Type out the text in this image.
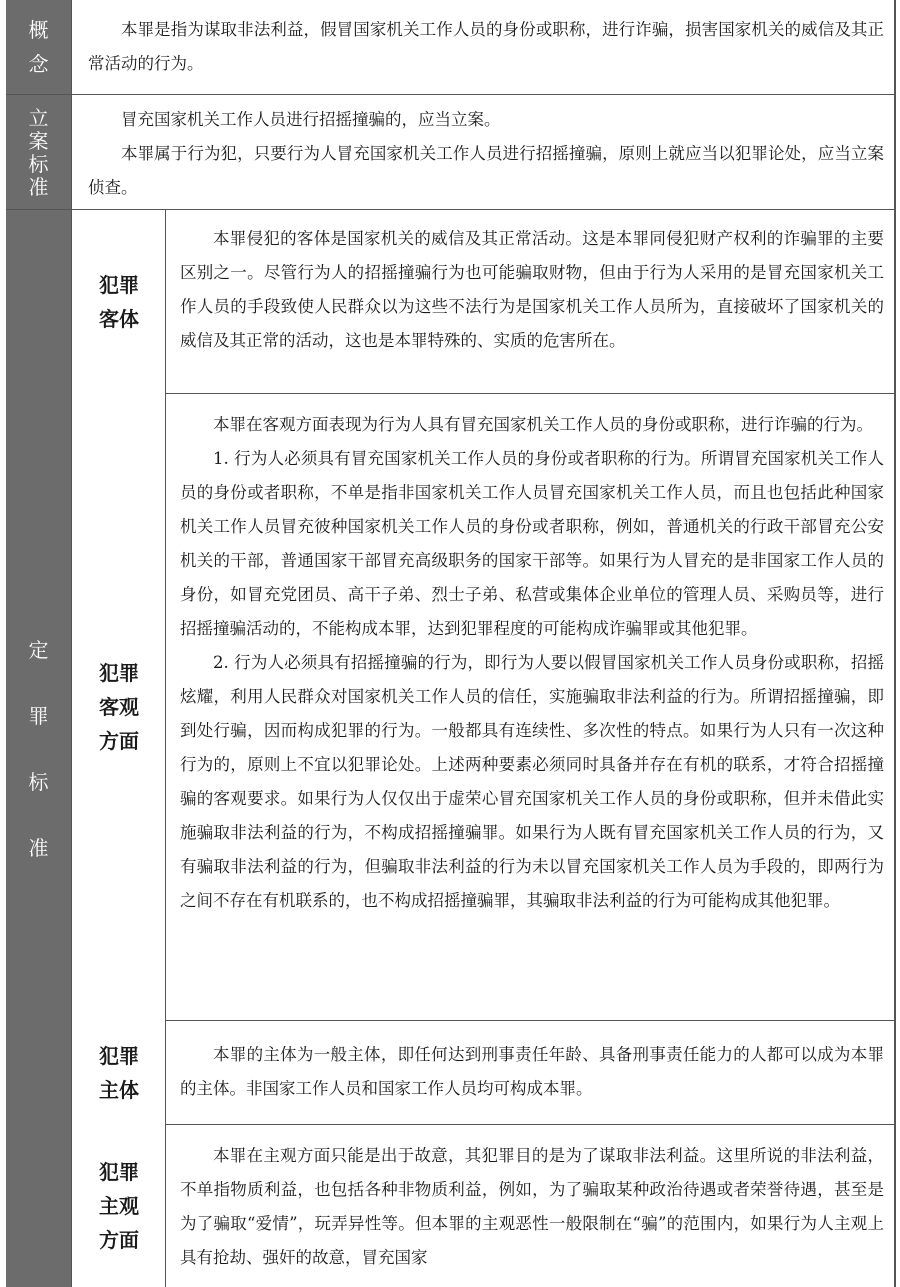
概
念
立
案
标
准
定
罪
标
准

本罪是指为谋取非法利益，假冒国家机关工作人员的身份或职称，进行诈骗，损害国家机关的威信及其正常活动的行为。

冒充国家机关工作人员进行招摇撞骗的，应当立案。

本罪属于行为犯，只要行为人冒充国家机关工作人员进行招摇撞骗，原则上就应当以犯罪论处，应当立案侦查。

犯罪
客体

本罪侵犯的客体是国家机关的威信及其正常活动。这是本罪同侵犯财产权利的诈骗罪的主要区别之一。尽管行为人的招摇撞骗行为也可能骗取财物，但由于行为人采用的是冒充国家机关工作人员的手段致使人民群众以为这些不法行为是国家机关工作人员所为，直接破坏了国家机关的威信及其正常的活动，这也是本罪特殊的、实质的危害所在。

犯罪
客观
方面

本罪在客观方面表现为行为人具有冒充国家机关工作人员的身份或职称，进行诈骗的行为。

1. 行为人必须具有冒充国家机关工作人员的身份或者职称的行为。所谓冒充国家机关工作人员的身份或者职称，不单是指非国家机关工作人员冒充国家机关工作人员，而且也包括此种国家机关工作人员冒充彼种国家机关工作人员的身份或者职称，例如，普通机关的行政干部冒充公安机关的干部，普通国家干部冒充高级职务的国家干部等。如果行为人冒充的是非国家工作人员的身份，如冒充党团员、高干子弟、烈士子弟、私营或集体企业单位的管理人员、采购员等，进行招摇撞骗活动的，不能构成本罪，达到犯罪程度的可能构成诈骗罪或其他犯罪。

2. 行为人必须具有招摇撞骗的行为，即行为人要以假冒国家机关工作人员身份或职称，招摇炫耀，利用人民群众对国家机关工作人员的信任，实施骗取非法利益的行为。所谓招摇撞骗，即到处行骗，因而构成犯罪的行为。一般都具有连续性、多次性的特点。如果行为人只有一次这种行为的，原则上不宜以犯罪论处。上述两种要素必须同时具备并存在有机的联系，才符合招摇撞骗的客观要求。如果行为人仅仅出于虚荣心冒充国家机关工作人员的身份或职称，但并未借此实施骗取非法利益的行为，不构成招摇撞骗罪。如果行为人既有冒充国家机关工作人员的行为，又有骗取非法利益的行为，但骗取非法利益的行为未以冒充国家机关工作人员为手段的，即两行为之间不存在有机联系的，也不构成招摇撞骗罪，其骗取非法利益的行为可能构成其他犯罪。

犯罪
主体

本罪的主体为一般主体，即任何达到刑事责任年龄、具备刑事责任能力的人都可以成为本罪的主体。非国家工作人员和国家工作人员均可构成本罪。

犯罪
主观
方面

本罪在主观方面只能是出于故意，其犯罪目的是为了谋取非法利益。这里所说的非法利益，不单指物质利益，也包括各种非物质利益，例如，为了骗取某种政治待遇或者荣誉待遇，甚至是为了骗取“爱情”，玩弄异性等。但本罪的主观恶性一般限制在“骗”的范围内，如果行为人主观上具有抢劫、强奸的故意，冒充国家
